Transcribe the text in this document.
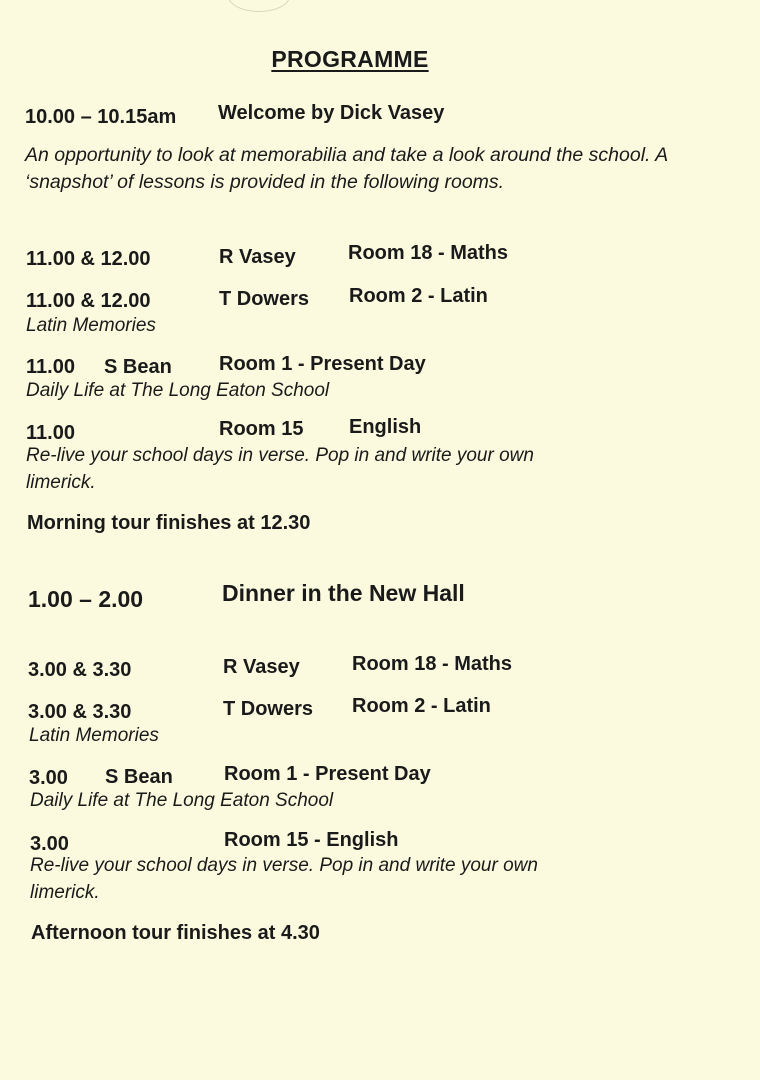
PROGRAMME
10.00 – 10.15am Welcome by Dick Vasey
An opportunity to look at memorabilia and take a look around the school. A ‘snapshot’ of lessons is provided in the following rooms.
11.00 & 12.00	R Vasey	Room 18 - Maths
11.00 & 12.00	T Dowers Room 2 - Latin
Latin Memories
11.00 S Bean Room 1 - Present Day
Daily Life at The Long Eaton School
11.00	Room 15 English
Re-live your school days in verse. Pop in and write your own
limerick.
Morning tour finishes at 12.30
1.00 – 2.00	Dinner in the New Hall
3.00 & 3.30	R Vasey	Room 18 - Maths
3.00 & 3.30	T Dowers Room 2 - Latin
Latin Memories
3.00 S Bean	Room 1 - Present Day
Daily Life at The Long Eaton School
3.00	Room 15 - English
Re-live your school days in verse. Pop in and write your own
limerick.
Afternoon tour finishes at 4.30
